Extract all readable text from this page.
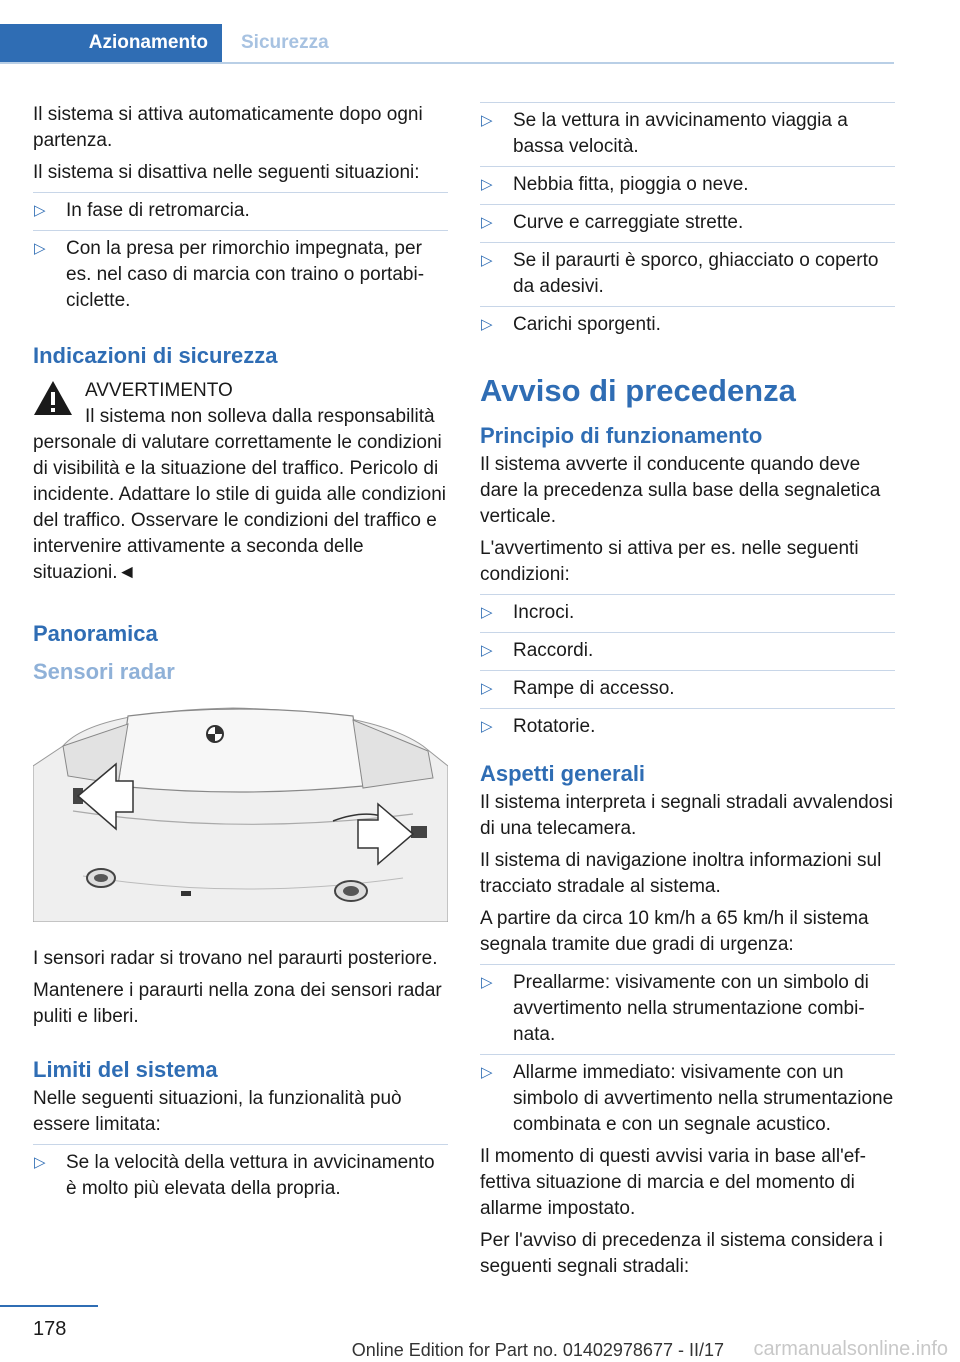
Azionamento	Sicurezza

Il sistema si attiva automaticamente dopo ogni partenza.

Il sistema si disattiva nelle seguenti situazioni:

▷ In fase di retromarcia.
▷ Con la presa per rimorchio impegnata, per es. nel caso di marcia con traino o portabiciclette.
Indicazioni di sicurezza
AVVERTIMENTO
Il sistema non solleva dalla responsabilità personale di valutare correttamente le condizioni di visibilità e la situazione del traffico. Pericolo di incidente. Adattare lo stile di guida alle condizioni del traffico. Osservare le condizioni del traffico e intervenire attivamente a seconda delle situazioni.◄
Panoramica
Sensori radar

I sensori radar si trovano nel paraurti posteriore.

Mantenere i paraurti nella zona dei sensori radar puliti e liberi.

Limiti del sistema

Nelle seguenti situazioni, la funzionalità può essere limitata:

▷ Se la velocità della vettura in avvicinamento è molto più elevata della propria.
▷ Se la vettura in avvicinamento viaggia a bassa velocità.
▷ Nebbia fitta, pioggia o neve.
▷ Curve e carreggiate strette.
▷ Se il paraurti è sporco, ghiacciato o coperto da adesivi.
▷ Carichi sporgenti.
Avviso di precedenza
Principio di funzionamento

Il sistema avverte il conducente quando deve dare la precedenza sulla base della segnaletica verticale.

L'avvertimento si attiva per es. nelle seguenti condizioni:

▷ Incroci.
▷ Raccordi.
▷ Rampe di accesso.
▷ Rotatorie.
Aspetti generali

Il sistema interpreta i segnali stradali avvalendosi di una telecamera.

Il sistema di navigazione inoltra informazioni sul tracciato stradale al sistema.

A partire da circa 10 km/h a 65 km/h il sistema segnala tramite due gradi di urgenza:

▷ Preallarme: visivamente con un simbolo di avvertimento nella strumentazione combinata.
▷ Allarme immediato: visivamente con un simbolo di avvertimento nella strumentazione combinata e con un segnale acustico.

Il momento di questi avvisi varia in base all'effettiva situazione di marcia e del momento di allarme impostato.

Per l'avviso di precedenza il sistema considera i seguenti segnali stradali:

178
Online Edition for Part no. 01402978677 - II/17 carmanualsonline.info
